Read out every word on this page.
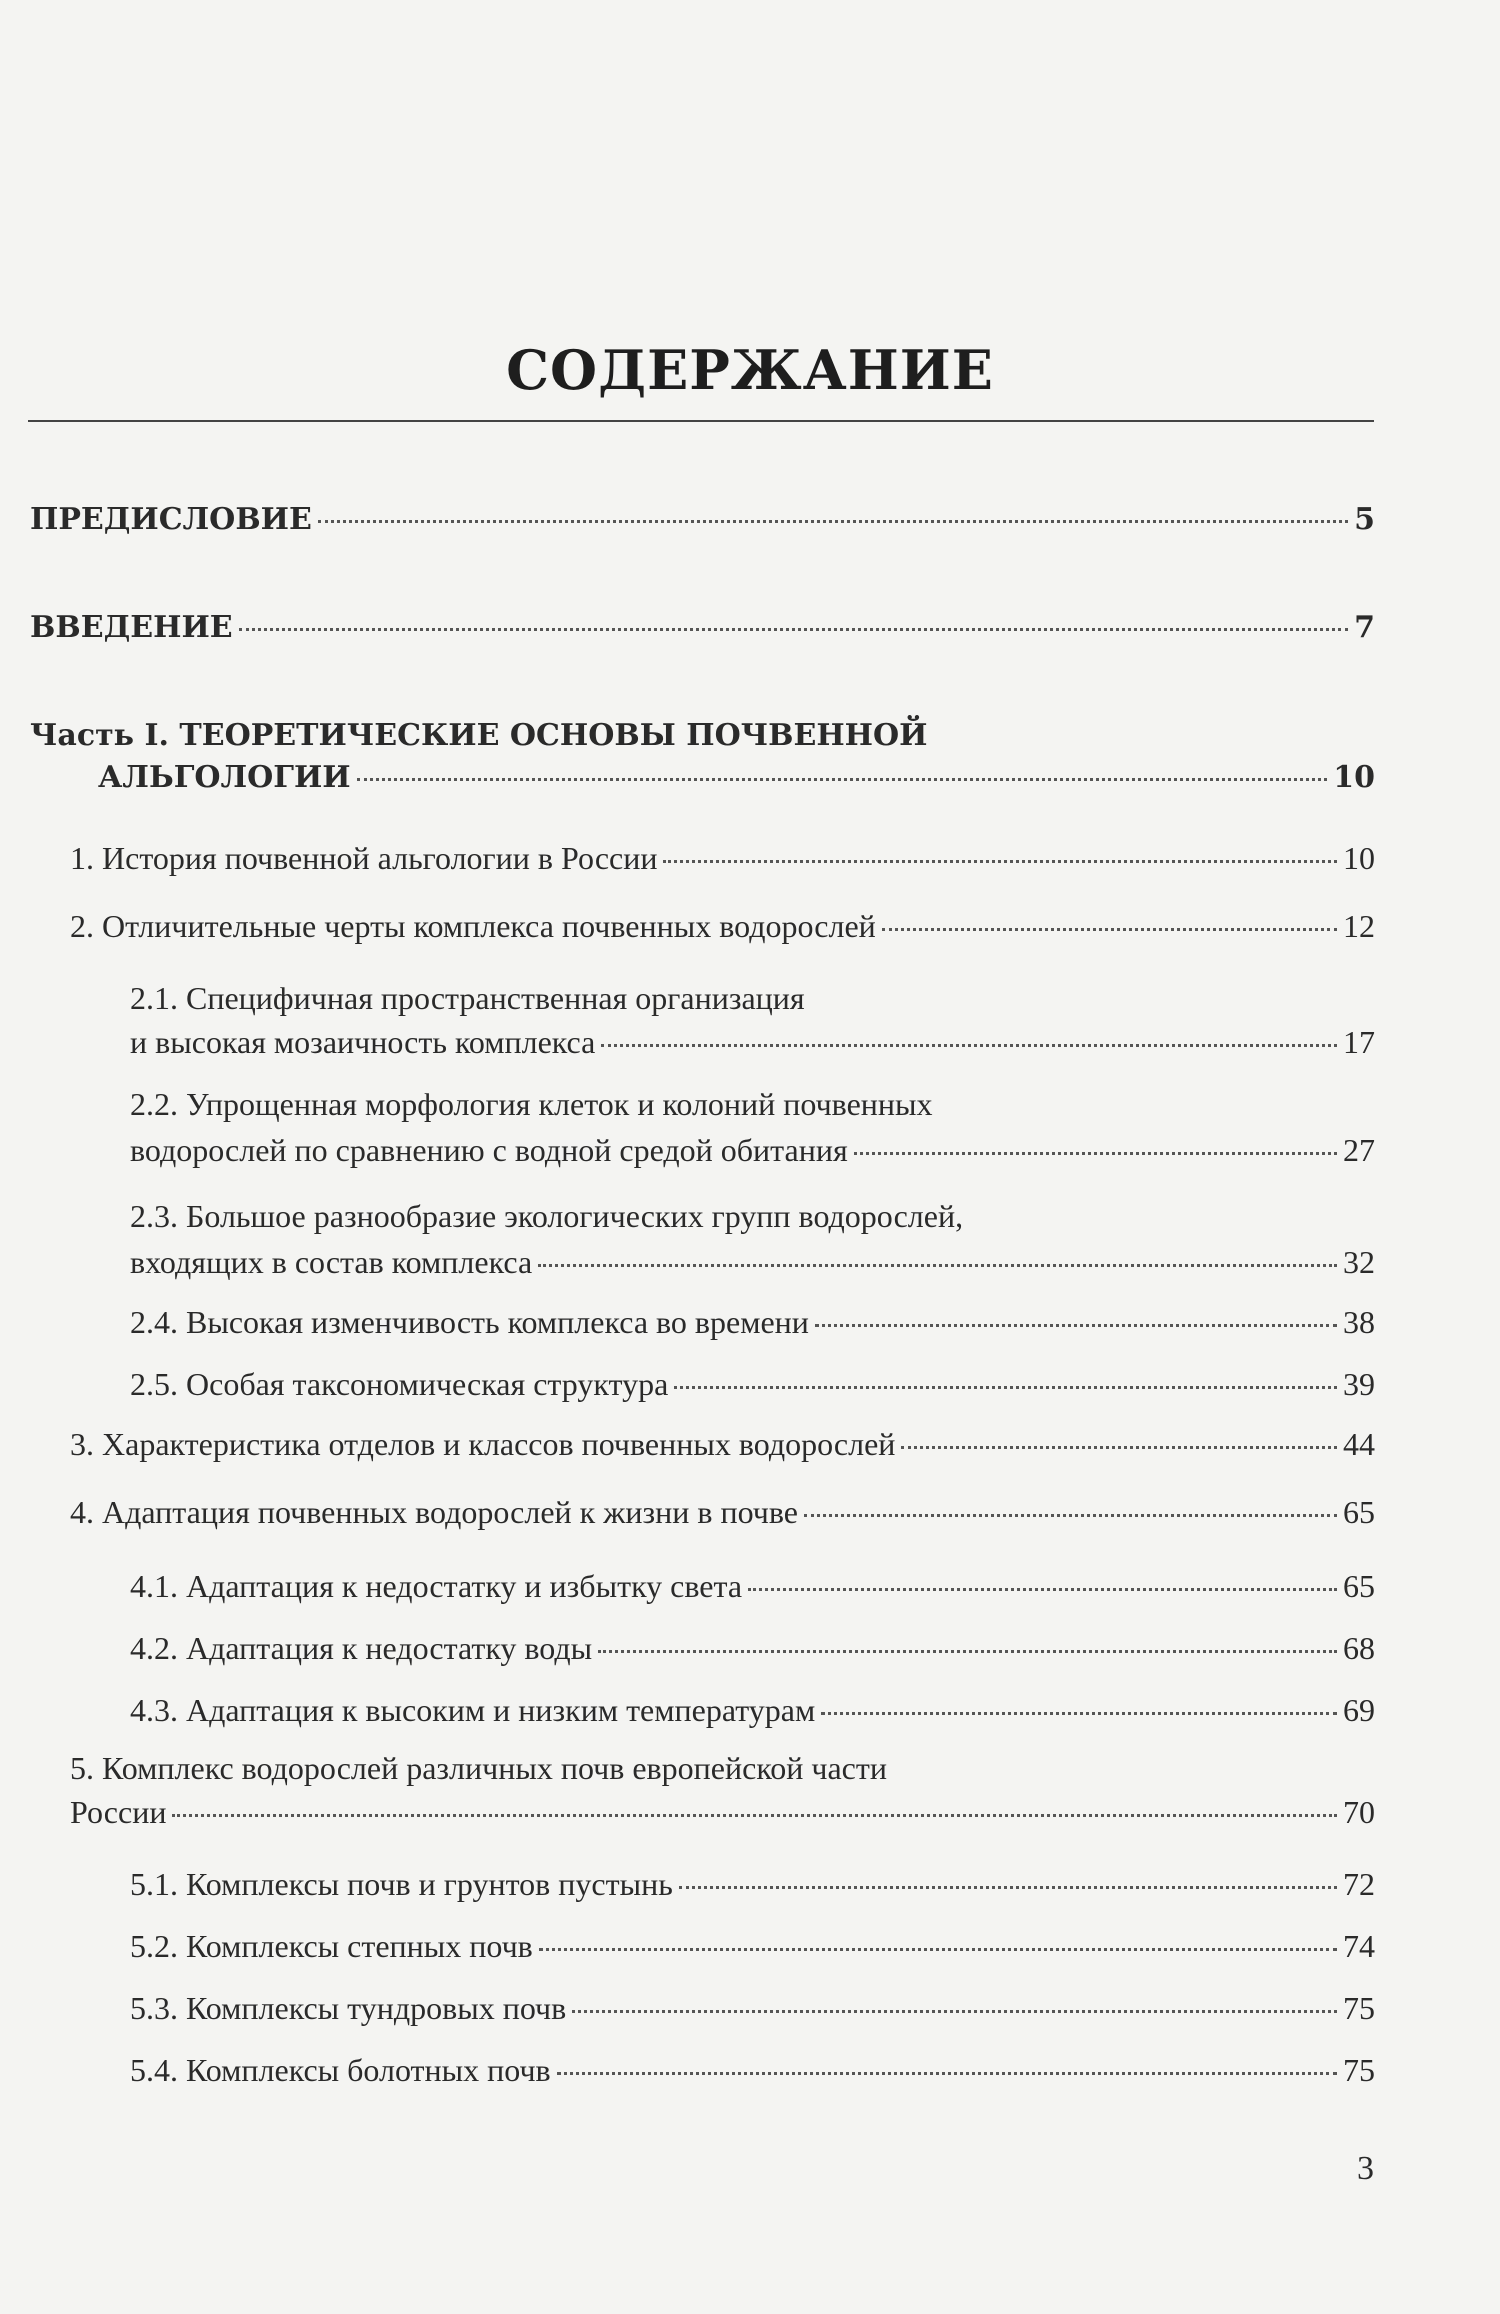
СОДЕРЖАНИЕ
ПРЕДИСЛОВИЕ	5
ВВЕДЕНИЕ	7
Часть I. ТЕОРЕТИЧЕСКИЕ ОСНОВЫ ПОЧВЕННОЙ
АЛЬГОЛОГИИ	10
1. История почвенной альгологии в России	10
2. Отличительные черты комплекса почвенных водорослей	12
2.1. Специфичная пространственная организация
и высокая мозаичность комплекса	17
2.2. Упрощенная морфология клеток и колоний почвенных
водорослей по сравнению с водной средой обитания	27
2.3. Большое разнообразие экологических групп водорослей,
входящих в состав комплекса	32
2.4. Высокая изменчивость комплекса во времени	38
2.5. Особая таксономическая структура	39
3. Характеристика отделов и классов почвенных водорослей	44
4. Адаптация почвенных водорослей к жизни в почве	65
4.1. Адаптация к недостатку и избытку света	65
4.2. Адаптация к недостатку воды	68
4.3. Адаптация к высоким и низким температурам	69
5. Комплекс водорослей различных почв европейской части
России	70
5.1. Комплексы почв и грунтов пустынь	72
5.2. Комплексы степных почв	74
5.3. Комплексы тундровых почв	75
5.4. Комплексы болотных почв	75
3
